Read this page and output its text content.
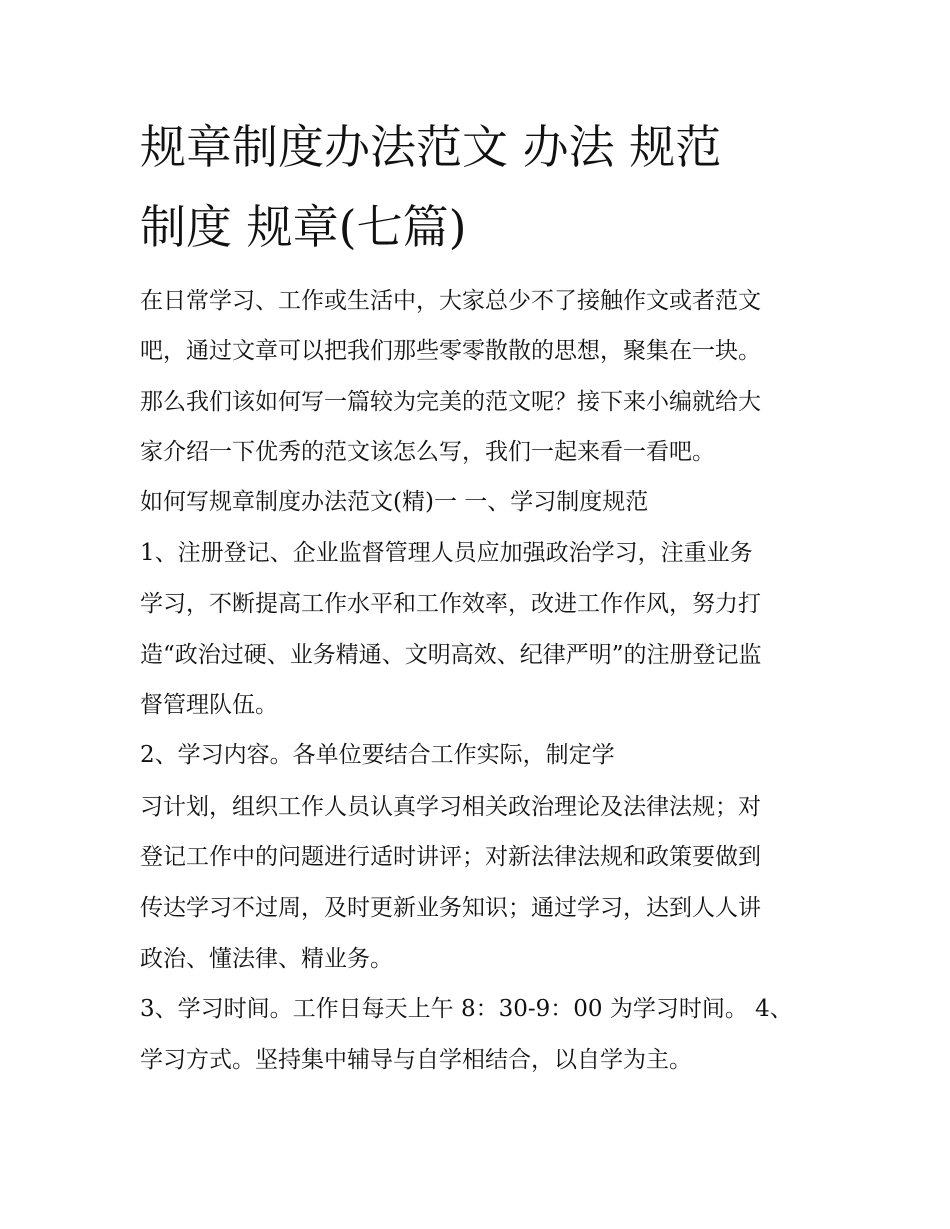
规章制度办法范文 办法 规范
制度 规章(七篇)
在日常学习、工作或生活中，大家总少不了接触作文或者范文
吧，通过文章可以把我们那些零零散散的思想，聚集在一块。
那么我们该如何写一篇较为完美的范文呢？接下来小编就给大
家介绍一下优秀的范文该怎么写，我们一起来看一看吧。
如何写规章制度办法范文(精)一 一、学习制度规范
1、注册登记、企业监督管理人员应加强政治学习，注重业务
学习，不断提高工作水平和工作效率，改进工作作风，努力打
造“政治过硬、业务精通、文明高效、纪律严明”的注册登记监
督管理队伍。
2、学习内容。各单位要结合工作实际，制定学
习计划，组织工作人员认真学习相关政治理论及法律法规；对
登记工作中的问题进行适时讲评；对新法律法规和政策要做到
传达学习不过周，及时更新业务知识；通过学习，达到人人讲
政治、懂法律、精业务。
3、学习时间。工作日每天上午 8：30-9：00 为学习时间。 4、
学习方式。坚持集中辅导与自学相结合，以自学为主。
